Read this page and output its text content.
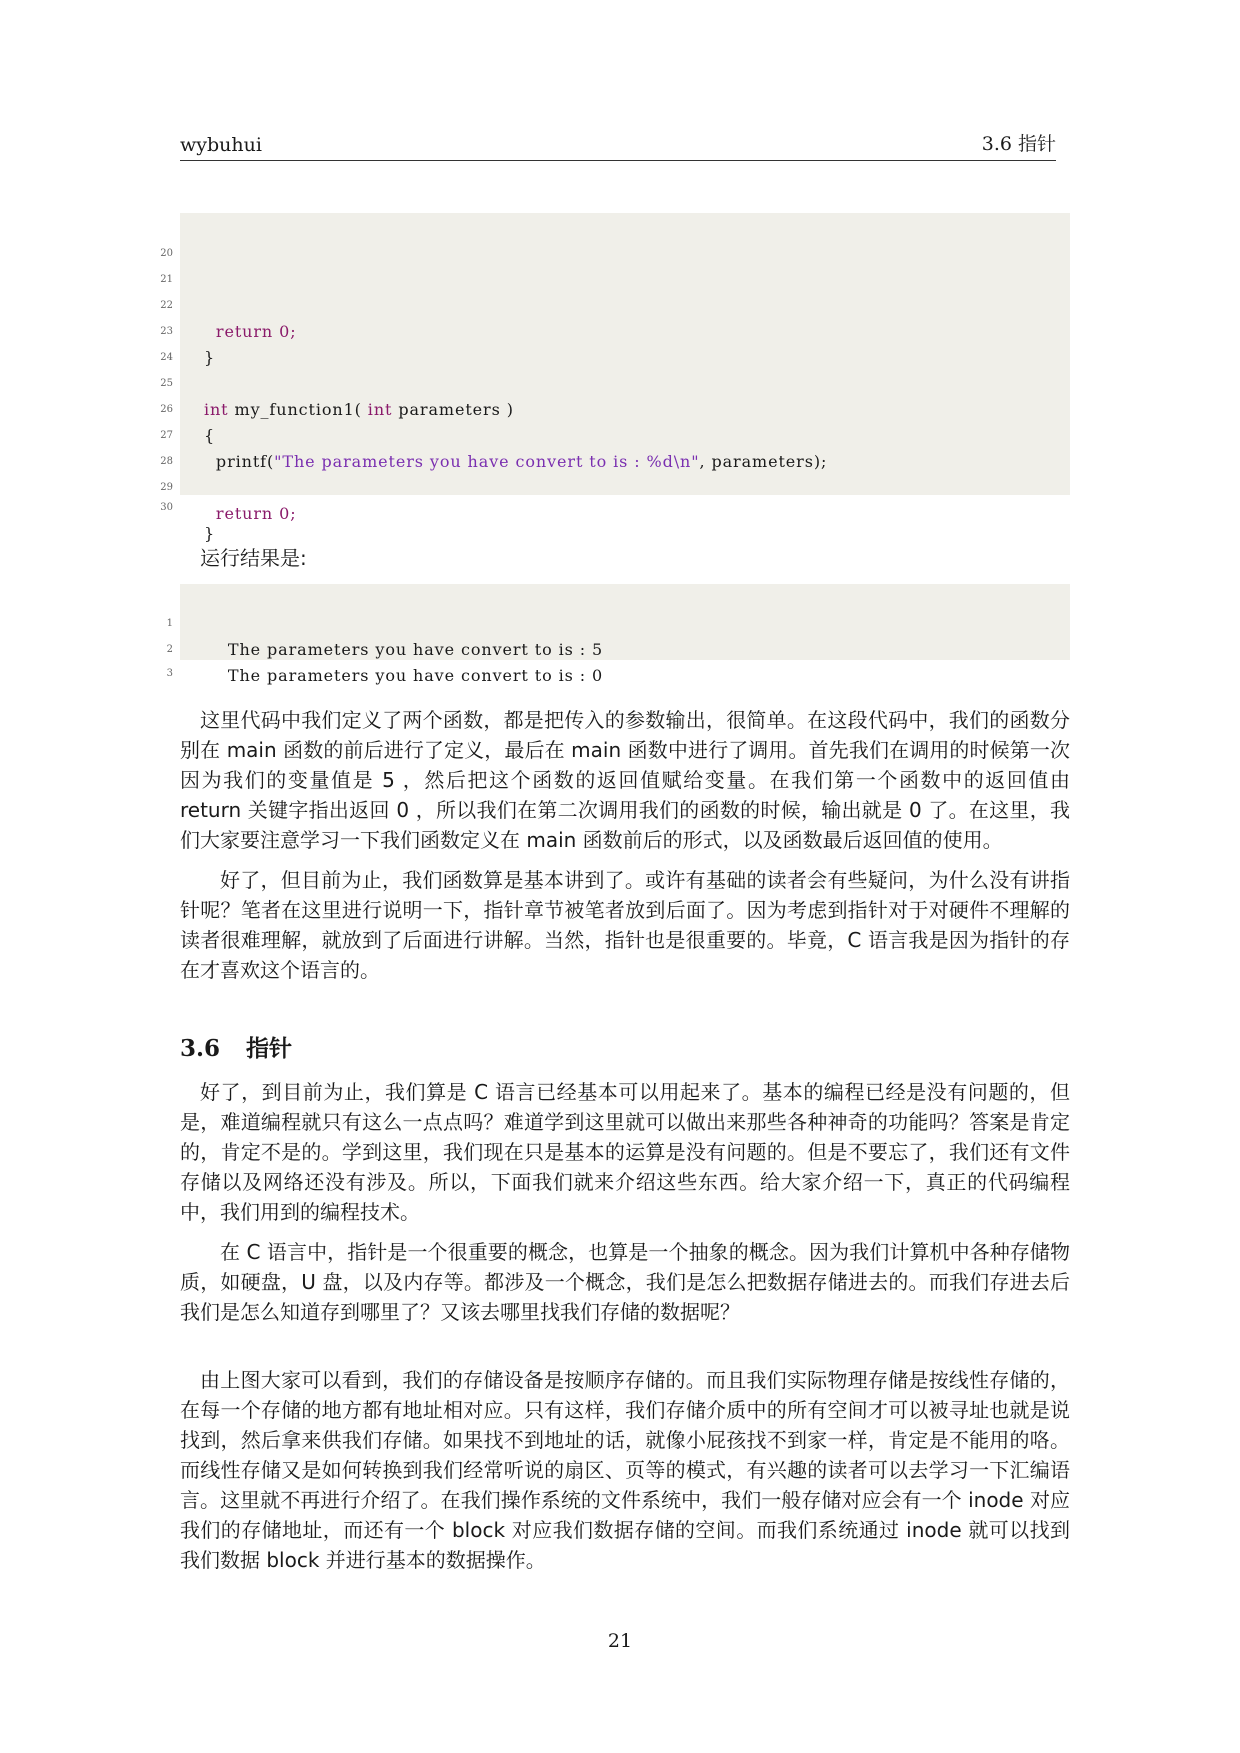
wybuhui	3.6 指针

20

21

22

return 0;

23

}

24

25

int my_function1( int parameters )

26

{

27

printf("The parameters you have convert to is : %d\n", parameters);

28

29

return 0;

30

}

运行结果是:

1

The parameters you have convert to is : 5

2

The parameters you have convert to is : 0

3

这里代码中我们定义了两个函数，都是把传入的参数输出，很简单。在这段代码中，我们的函数分别在 main 函数的前后进行了定义，最后在 main 函数中进行了调用。首先我们在调用的时候第一次因为我们的变量值是 5 ，然后把这个函数的返回值赋给变量。在我们第一个函数中的返回值由 return 关键字指出返回 0 ，所以我们在第二次调用我们的函数的时候，输出就是 0 了。在这里，我们大家要注意学习一下我们函数定义在 main 函数前后的形式，以及函数最后返回值的使用。

好了，但目前为止，我们函数算是基本讲到了。或许有基础的读者会有些疑问，为什么没有讲指针呢？笔者在这里进行说明一下，指针章节被笔者放到后面了。因为考虑到指针对于对硬件不理解的读者很难理解，就放到了后面进行讲解。当然，指针也是很重要的。毕竟，C 语言我是因为指针的存在才喜欢这个语言的。

3.6 指针

好了，到目前为止，我们算是 C 语言已经基本可以用起来了。基本的编程已经是没有问题的，但是，难道编程就只有这么一点点吗？难道学到这里就可以做出来那些各种神奇的功能吗？答案是肯定的，肯定不是的。学到这里，我们现在只是基本的运算是没有问题的。但是不要忘了，我们还有文件存储以及网络还没有涉及。所以，下面我们就来介绍这些东西。给大家介绍一下，真正的代码编程中，我们用到的编程技术。

在 C 语言中，指针是一个很重要的概念，也算是一个抽象的概念。因为我们计算机中各种存储物质，如硬盘，U 盘，以及内存等。都涉及一个概念，我们是怎么把数据存储进去的。而我们存进去后我们是怎么知道存到哪里了？又该去哪里找我们存储的数据呢？

由上图大家可以看到，我们的存储设备是按顺序存储的。而且我们实际物理存储是按线性存储的，在每一个存储的地方都有地址相对应。只有这样，我们存储介质中的所有空间才可以被寻址也就是说找到，然后拿来供我们存储。如果找不到地址的话，就像小屁孩找不到家一样，肯定是不能用的咯。而线性存储又是如何转换到我们经常听说的扇区、页等的模式，有兴趣的读者可以去学习一下汇编语言。这里就不再进行介绍了。在我们操作系统的文件系统中，我们一般存储对应会有一个 inode 对应我们的存储地址，而还有一个 block 对应我们数据存储的空间。而我们系统通过 inode 就可以找到我们数据 block 并进行基本的数据操作。

21
